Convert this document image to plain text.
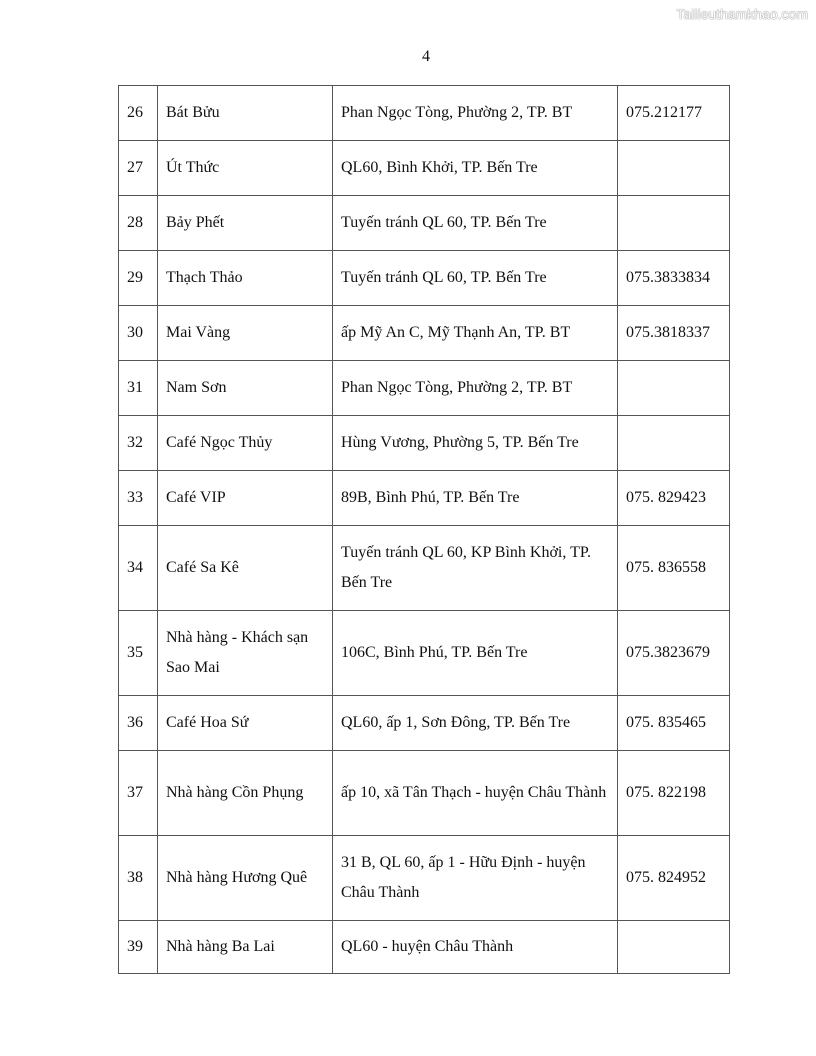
Tailieuthamkhao.com
4
26	Bát Bửu	Phan Ngọc Tòng, Phường 2, TP. BT	075.212177
27	Út Thức	QL60, Bình Khởi, TP. Bến Tre	
28	Bảy Phết	Tuyến tránh QL 60, TP. Bến Tre	
29	Thạch Thảo	Tuyến tránh QL 60, TP. Bến Tre	075.3833834
30	Mai Vàng	ấp Mỹ An C, Mỹ Thạnh An, TP. BT	075.3818337
31	Nam Sơn	Phan Ngọc Tòng, Phường 2, TP. BT	
32	Café Ngọc Thủy	Hùng Vương, Phường 5, TP. Bến Tre	
33	Café VIP	89B, Bình Phú, TP. Bến Tre	075. 829423
34	Café Sa Kê	Tuyến tránh QL 60, KP Bình Khởi, TP. Bến Tre	075. 836558
35	Nhà hàng - Khách sạn Sao Mai	106C, Bình Phú, TP. Bến Tre	075.3823679
36	Café Hoa Sứ	QL60, ấp 1, Sơn Đông, TP. Bến Tre	075. 835465
37	Nhà hàng Cồn Phụng	ấp 10, xã Tân Thạch - huyện Châu Thành	075. 822198
38	Nhà hàng Hương Quê	31 B, QL 60, ấp 1 - Hữu Định - huyện Châu Thành	075. 824952
39	Nhà hàng Ba Lai	QL60 - huyện Châu Thành	
